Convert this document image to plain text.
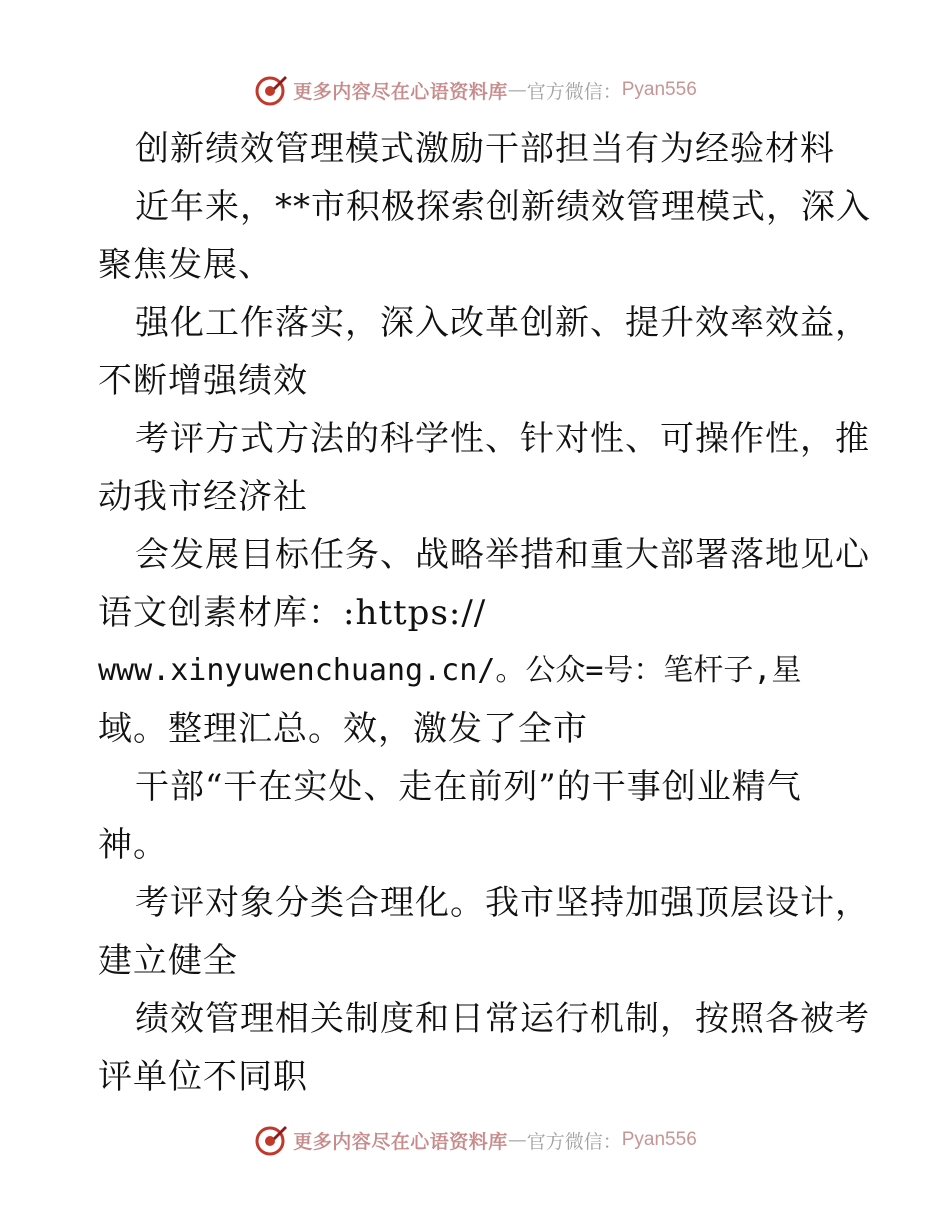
更多内容尽在心语资料库 — 官方微信： Pyan556
创新绩效管理模式激励干部担当有为经验材料
近年来，**市积极探索创新绩效管理模式，深入
聚焦发展、
强化工作落实，深入改革创新、提升效率效益，
不断增强绩效
考评方式方法的科学性、针对性、可操作性，推
动我市经济社
会发展目标任务、战略举措和重大部署落地见心
语文创素材库：:https://
www.xinyuwenchuang.cn/。公众=号：笔杆子,星
域。整理汇总。效，激发了全市
干部“干在实处、走在前列”的干事创业精气
神。
考评对象分类合理化。我市坚持加强顶层设计，
建立健全
绩效管理相关制度和日常运行机制，按照各被考
评单位不同职
更多内容尽在心语资料库 — 官方微信： Pyan556
